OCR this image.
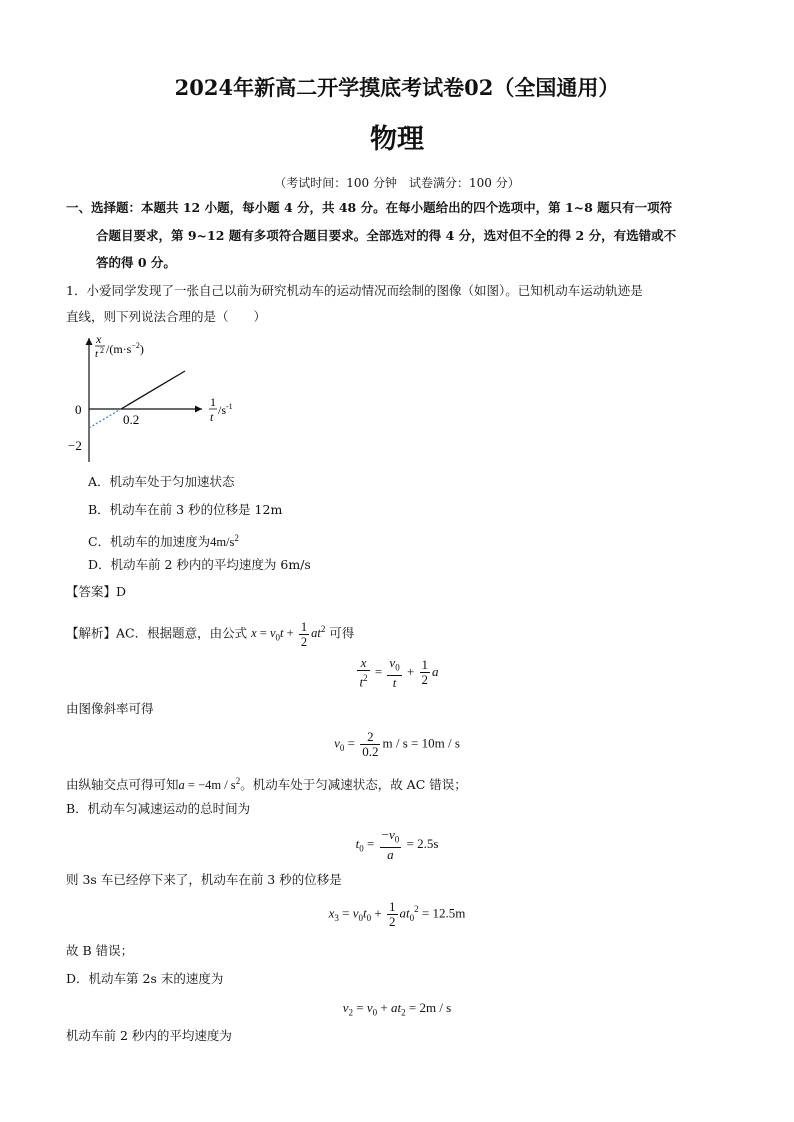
2024年新高二开学摸底考试卷02（全国通用）
物理
（考试时间：100 分钟　试卷满分：100 分）
一、选择题：本题共 12 小题，每小题 4 分，共 48 分。在每小题给出的四个选项中，第 1~8 题只有一项符
合题目要求，第 9~12 题有多项符合题目要求。全部选对的得 4 分，选对但不全的得 2 分，有选错或不
答的得 0 分。
1．小爱同学发现了一张自己以前为研究机动车的运动情况而绘制的图像（如图）。已知机动车运动轨迹是
直线，则下列说法合理的是（　　）
x
t 2 $/(m\cdot s^{-2})$
1
t $/s^{-1}$
0
−2
0.2
A．机动车处于匀加速状态
B．机动车在前 3 秒的位移是 12m
C．机动车的加速度为$4m/s^2$
D．机动车前 2 秒内的平均速度为 6m/s
【答案】D
【解析】AC．根据题意，由公式 $x = v_0t + \frac{1}{2} at^2$ 可得
$\frac{x}{t^2} = \frac{v_0}{t} + \frac{1}{2}$ a
由图像斜率可得
$v_0 = \frac{2}{0.2}$ m / s = 10m / s
由纵轴交点可得可知$a = -4m / s^2$。机动车处于匀减速状态，故 AC 错误；
B．机动车匀减速运动的总时间为
$t_0 = \frac{-v_0}{a} = 2.5s$
则 3s 车已经停下来了，机动车在前 3 秒的位移是
$x_3 = v_0t_0 + \frac{1}{2} at_0^2 = 12.5m$
故 B 错误；
D．机动车第 2s 末的速度为
$v_2 = v_0 + at_2 = 2m / s$
机动车前 2 秒内的平均速度为
